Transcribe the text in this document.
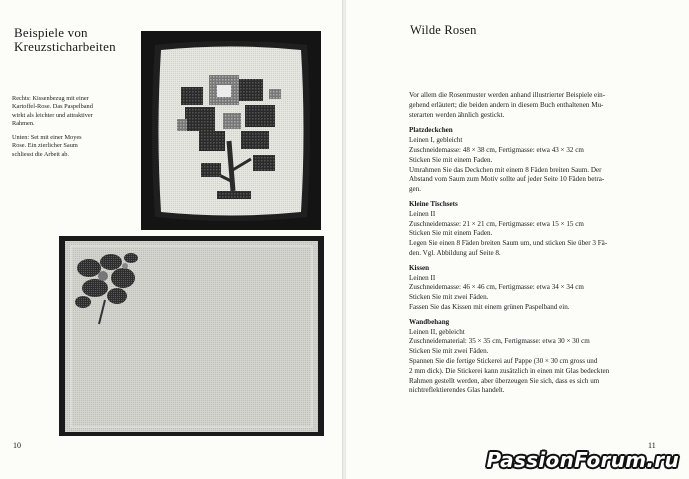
Beispiele von
Kreuzsticharbeiten
Rechts: Kissenbezug mit einer
Kartoffel-Rose. Das Paspelband
wirkt als leichter und attraktiver
Rahmen.
Unten: Set mit einer Moyes
Rose. Ein zierlicher Saum
schliesst die Arbeit ab.
10
Wilde Rosen
Vor allem die Rosenmuster werden anhand illustrierter Beispiele ein-
gehend erläutert; die beiden andern in diesem Buch enthaltenen Mu-
sterarten werden ähnlich gestickt.
Platzdeckchen
Leinen I, gebleicht
Zuschneidemasse: 48 × 38 cm, Fertigmasse: etwa 43 × 32 cm
Sticken Sie mit einem Faden.
Umrahmen Sie das Deckchen mit einem 8 Fäden breiten Saum. Der
Abstand vom Saum zum Motiv sollte auf jeder Seite 10 Fäden betra-
gen.
Kleine Tischsets
Leinen II
Zuschneidemasse: 21 × 21 cm, Fertigmasse: etwa 15 × 15 cm
Sticken Sie mit einem Faden.
Legen Sie einen 8 Fäden breiten Saum um, und sticken Sie über 3 Fä-
den. Vgl. Abbildung auf Seite 8.
Kissen
Leinen II
Zuschneidemasse: 46 × 46 cm, Fertigmasse: etwa 34 × 34 cm
Sticken Sie mit zwei Fäden.
Fassen Sie das Kissen mit einem grünen Paspelband ein.
Wandbehang
Leinen II, gebleicht
Zuschneidematerial: 35 × 35 cm, Fertigmasse: etwa 30 × 30 cm
Sticken Sie mit zwei Fäden.
Spannen Sie die fertige Stickerei auf Pappe (30 × 30 cm gross und
2 mm dick). Die Stickerei kann zusätzlich in einen mit Glas bedeckten
Rahmen gestellt werden, aber überzeugen Sie sich, dass es sich um
nichtreflektierendes Glas handelt.
11
PassionForum.ru
